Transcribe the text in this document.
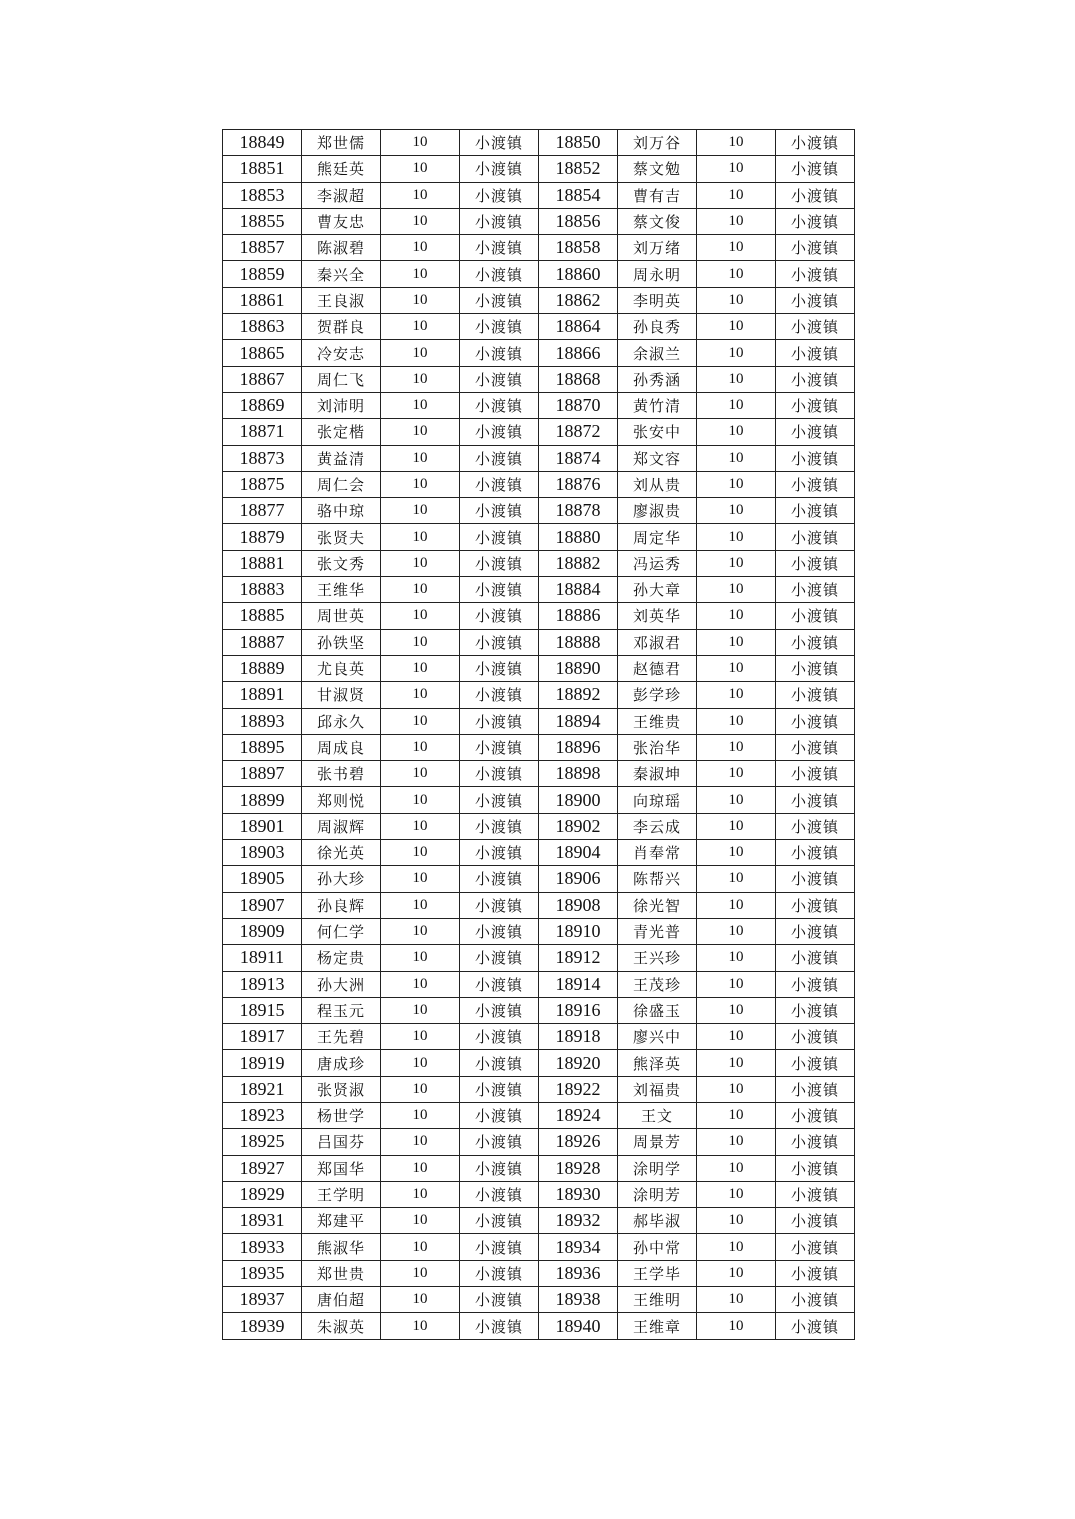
18849	郑世儒	10	小渡镇	18850	刘万谷	10	小渡镇
18851	熊廷英	10	小渡镇	18852	蔡文勉	10	小渡镇
18853	李淑超	10	小渡镇	18854	曹有吉	10	小渡镇
18855	曹友忠	10	小渡镇	18856	蔡文俊	10	小渡镇
18857	陈淑碧	10	小渡镇	18858	刘万绪	10	小渡镇
18859	秦兴全	10	小渡镇	18860	周永明	10	小渡镇
18861	王良淑	10	小渡镇	18862	李明英	10	小渡镇
18863	贺群良	10	小渡镇	18864	孙良秀	10	小渡镇
18865	冷安志	10	小渡镇	18866	余淑兰	10	小渡镇
18867	周仁飞	10	小渡镇	18868	孙秀涵	10	小渡镇
18869	刘沛明	10	小渡镇	18870	黄竹清	10	小渡镇
18871	张定楷	10	小渡镇	18872	张安中	10	小渡镇
18873	黄益清	10	小渡镇	18874	郑文容	10	小渡镇
18875	周仁会	10	小渡镇	18876	刘从贵	10	小渡镇
18877	骆中琼	10	小渡镇	18878	廖淑贵	10	小渡镇
18879	张贤夫	10	小渡镇	18880	周定华	10	小渡镇
18881	张文秀	10	小渡镇	18882	冯运秀	10	小渡镇
18883	王维华	10	小渡镇	18884	孙大章	10	小渡镇
18885	周世英	10	小渡镇	18886	刘英华	10	小渡镇
18887	孙铁坚	10	小渡镇	18888	邓淑君	10	小渡镇
18889	尤良英	10	小渡镇	18890	赵德君	10	小渡镇
18891	甘淑贤	10	小渡镇	18892	彭学珍	10	小渡镇
18893	邱永久	10	小渡镇	18894	王维贵	10	小渡镇
18895	周成良	10	小渡镇	18896	张治华	10	小渡镇
18897	张书碧	10	小渡镇	18898	秦淑坤	10	小渡镇
18899	郑则悦	10	小渡镇	18900	向琼瑶	10	小渡镇
18901	周淑辉	10	小渡镇	18902	李云成	10	小渡镇
18903	徐光英	10	小渡镇	18904	肖奉常	10	小渡镇
18905	孙大珍	10	小渡镇	18906	陈帮兴	10	小渡镇
18907	孙良辉	10	小渡镇	18908	徐光智	10	小渡镇
18909	何仁学	10	小渡镇	18910	青光普	10	小渡镇
18911	杨定贵	10	小渡镇	18912	王兴珍	10	小渡镇
18913	孙大洲	10	小渡镇	18914	王茂珍	10	小渡镇
18915	程玉元	10	小渡镇	18916	徐盛玉	10	小渡镇
18917	王先碧	10	小渡镇	18918	廖兴中	10	小渡镇
18919	唐成珍	10	小渡镇	18920	熊泽英	10	小渡镇
18921	张贤淑	10	小渡镇	18922	刘福贵	10	小渡镇
18923	杨世学	10	小渡镇	18924	王文	10	小渡镇
18925	吕国芬	10	小渡镇	18926	周景芳	10	小渡镇
18927	郑国华	10	小渡镇	18928	涂明学	10	小渡镇
18929	王学明	10	小渡镇	18930	涂明芳	10	小渡镇
18931	郑建平	10	小渡镇	18932	郝毕淑	10	小渡镇
18933	熊淑华	10	小渡镇	18934	孙中常	10	小渡镇
18935	郑世贵	10	小渡镇	18936	王学毕	10	小渡镇
18937	唐伯超	10	小渡镇	18938	王维明	10	小渡镇
18939	朱淑英	10	小渡镇	18940	王维章	10	小渡镇
